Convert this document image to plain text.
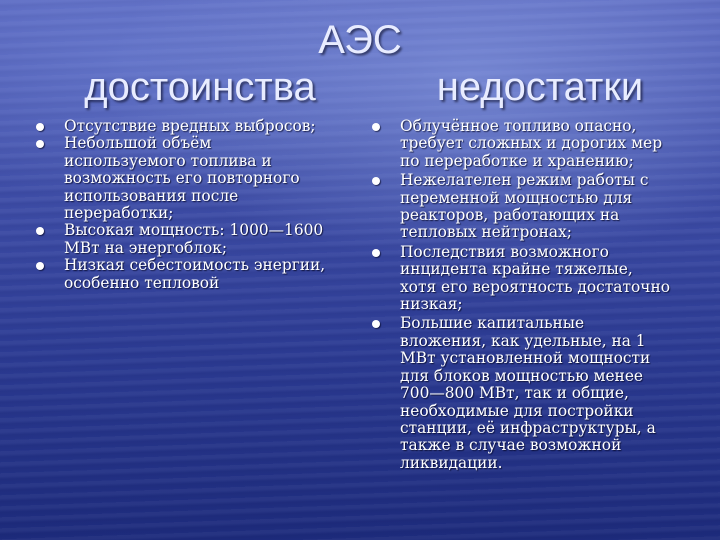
АЭС
достоинства	недостатки
Отсутствие вредных выбросов;
Небольшой объём используемого топлива и возможность его повторного использования после переработки;
Высокая мощность: 1000—1600 МВт на энергоблок;
Низкая себестоимость энергии, особенно тепловой
Облучённое топливо опасно, требует сложных и дорогих мер по переработке и хранению;
Нежелателен режим работы с переменной мощностью для реакторов, работающих на тепловых нейтронах;
Последствия возможного инцидента крайне тяжелые, хотя его вероятность достаточно низкая;
Большие капитальные вложения, как удельные, на 1 МВт установленной мощности для блоков мощностью менее 700—800 МВт, так и общие, необходимые для постройки станции, её инфраструктуры, а также в случае возможной ликвидации.
